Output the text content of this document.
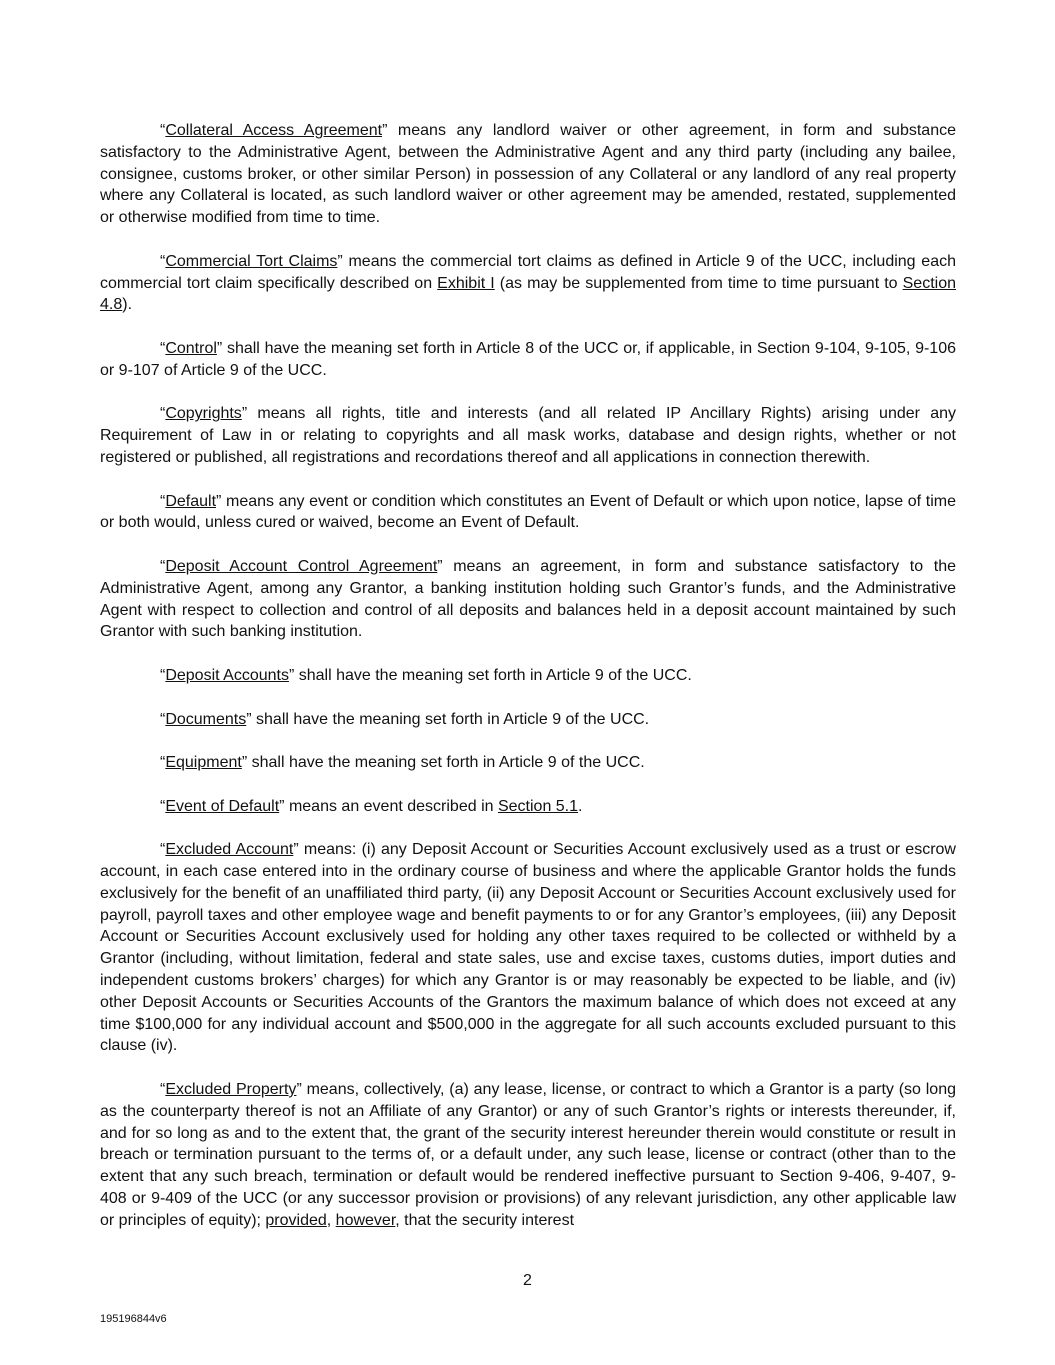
“Collateral Access Agreement” means any landlord waiver or other agreement, in form and substance satisfactory to the Administrative Agent, between the Administrative Agent and any third party (including any bailee, consignee, customs broker, or other similar Person) in possession of any Collateral or any landlord of any real property where any Collateral is located, as such landlord waiver or other agreement may be amended, restated, supplemented or otherwise modified from time to time.

“Commercial Tort Claims” means the commercial tort claims as defined in Article 9 of the UCC, including each commercial tort claim specifically described on Exhibit I (as may be supplemented from time to time pursuant to Section 4.8).

“Control” shall have the meaning set forth in Article 8 of the UCC or, if applicable, in Section 9-104, 9-105, 9-106 or 9-107 of Article 9 of the UCC.

“Copyrights” means all rights, title and interests (and all related IP Ancillary Rights) arising under any Requirement of Law in or relating to copyrights and all mask works, database and design rights, whether or not registered or published, all registrations and recordations thereof and all applications in connection therewith.

“Default” means any event or condition which constitutes an Event of Default or which upon notice, lapse of time or both would, unless cured or waived, become an Event of Default.

“Deposit Account Control Agreement” means an agreement, in form and substance satisfactory to the Administrative Agent, among any Grantor, a banking institution holding such Grantor’s funds, and the Administrative Agent with respect to collection and control of all deposits and balances held in a deposit account maintained by such Grantor with such banking institution.

“Deposit Accounts” shall have the meaning set forth in Article 9 of the UCC.

“Documents” shall have the meaning set forth in Article 9 of the UCC.

“Equipment” shall have the meaning set forth in Article 9 of the UCC.

“Event of Default” means an event described in Section 5.1.

“Excluded Account” means: (i) any Deposit Account or Securities Account exclusively used as a trust or escrow account, in each case entered into in the ordinary course of business and where the applicable Grantor holds the funds exclusively for the benefit of an unaffiliated third party, (ii) any Deposit Account or Securities Account exclusively used for payroll, payroll taxes and other employee wage and benefit payments to or for any Grantor’s employees, (iii) any Deposit Account or Securities Account exclusively used for holding any other taxes required to be collected or withheld by a Grantor (including, without limitation, federal and state sales, use and excise taxes, customs duties, import duties and independent customs brokers’ charges) for which any Grantor is or may reasonably be expected to be liable, and (iv) other Deposit Accounts or Securities Accounts of the Grantors the maximum balance of which does not exceed at any time $100,000 for any individual account and $500,000 in the aggregate for all such accounts excluded pursuant to this clause (iv).

“Excluded Property” means, collectively, (a) any lease, license, or contract to which a Grantor is a party (so long as the counterparty thereof is not an Affiliate of any Grantor) or any of such Grantor’s rights or interests thereunder, if, and for so long as and to the extent that, the grant of the security interest hereunder therein would constitute or result in breach or termination pursuant to the terms of, or a default under, any such lease, license or contract (other than to the extent that any such breach, termination or default would be rendered ineffective pursuant to Section 9-406, 9-407, 9-408 or 9-409 of the UCC (or any successor provision or provisions) of any relevant jurisdiction, any other applicable law or principles of equity); provided, however, that the security interest

2
195196844v6
